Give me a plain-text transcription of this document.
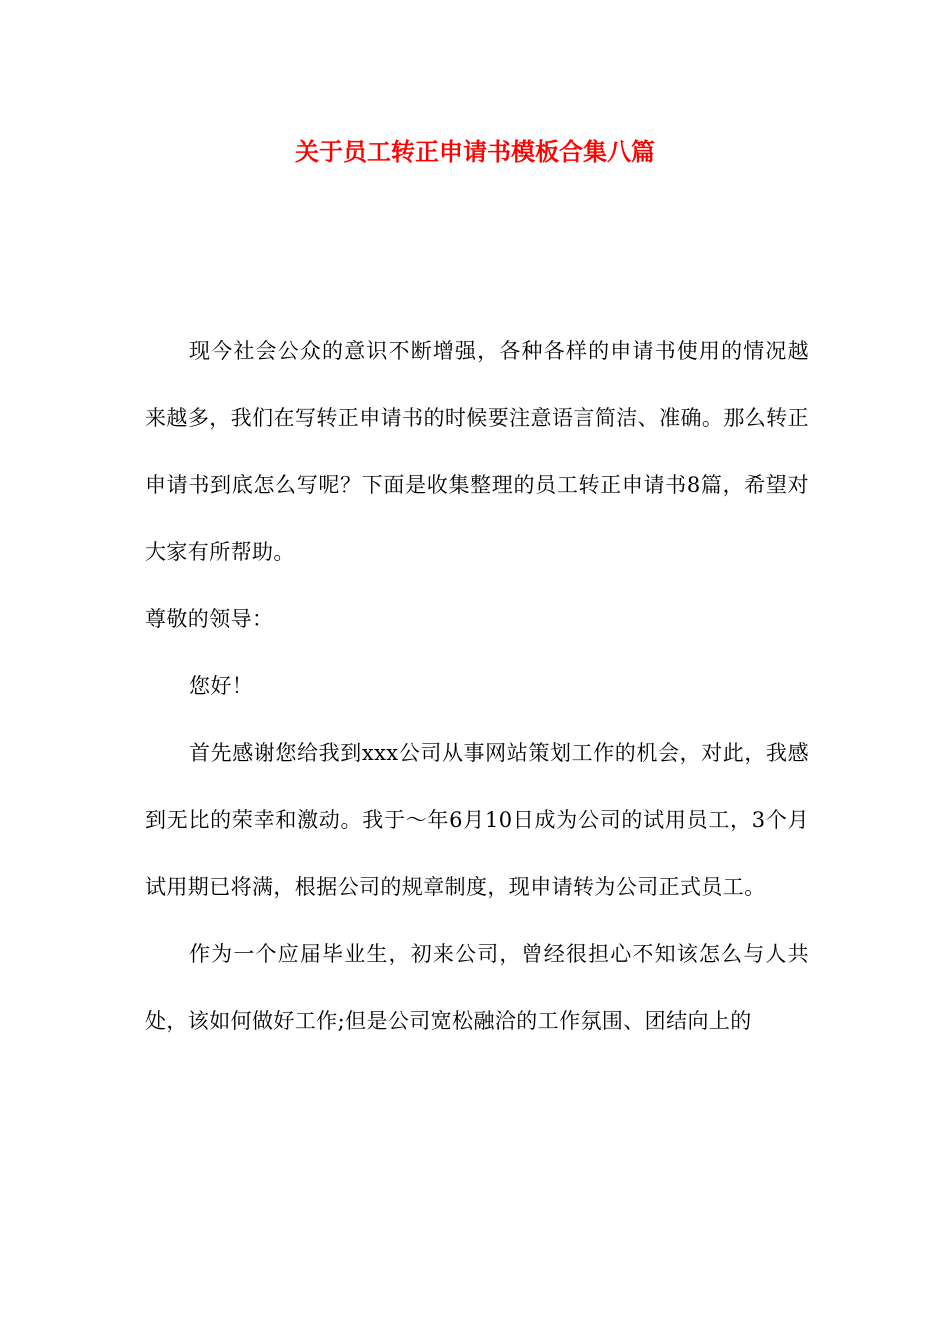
关于员工转正申请书模板合集八篇

现今社会公众的意识不断增强，各种各样的申请书使用的情况越来越多，我们在写转正申请书的时候要注意语言简洁、准确。那么转正申请书到底怎么写呢？下面是收集整理的员工转正申请书8篇，希望对大家有所帮助。

尊敬的领导：

您好！

首先感谢您给我到xxx公司从事网站策划工作的机会，对此，我感到无比的荣幸和激动。我于～年6月10日成为公司的试用员工，3个月试用期已将满，根据公司的规章制度，现申请转为公司正式员工。

作为一个应届毕业生，初来公司，曾经很担心不知该怎么与人共处，该如何做好工作;但是公司宽松融洽的工作氛围、团结向上的
